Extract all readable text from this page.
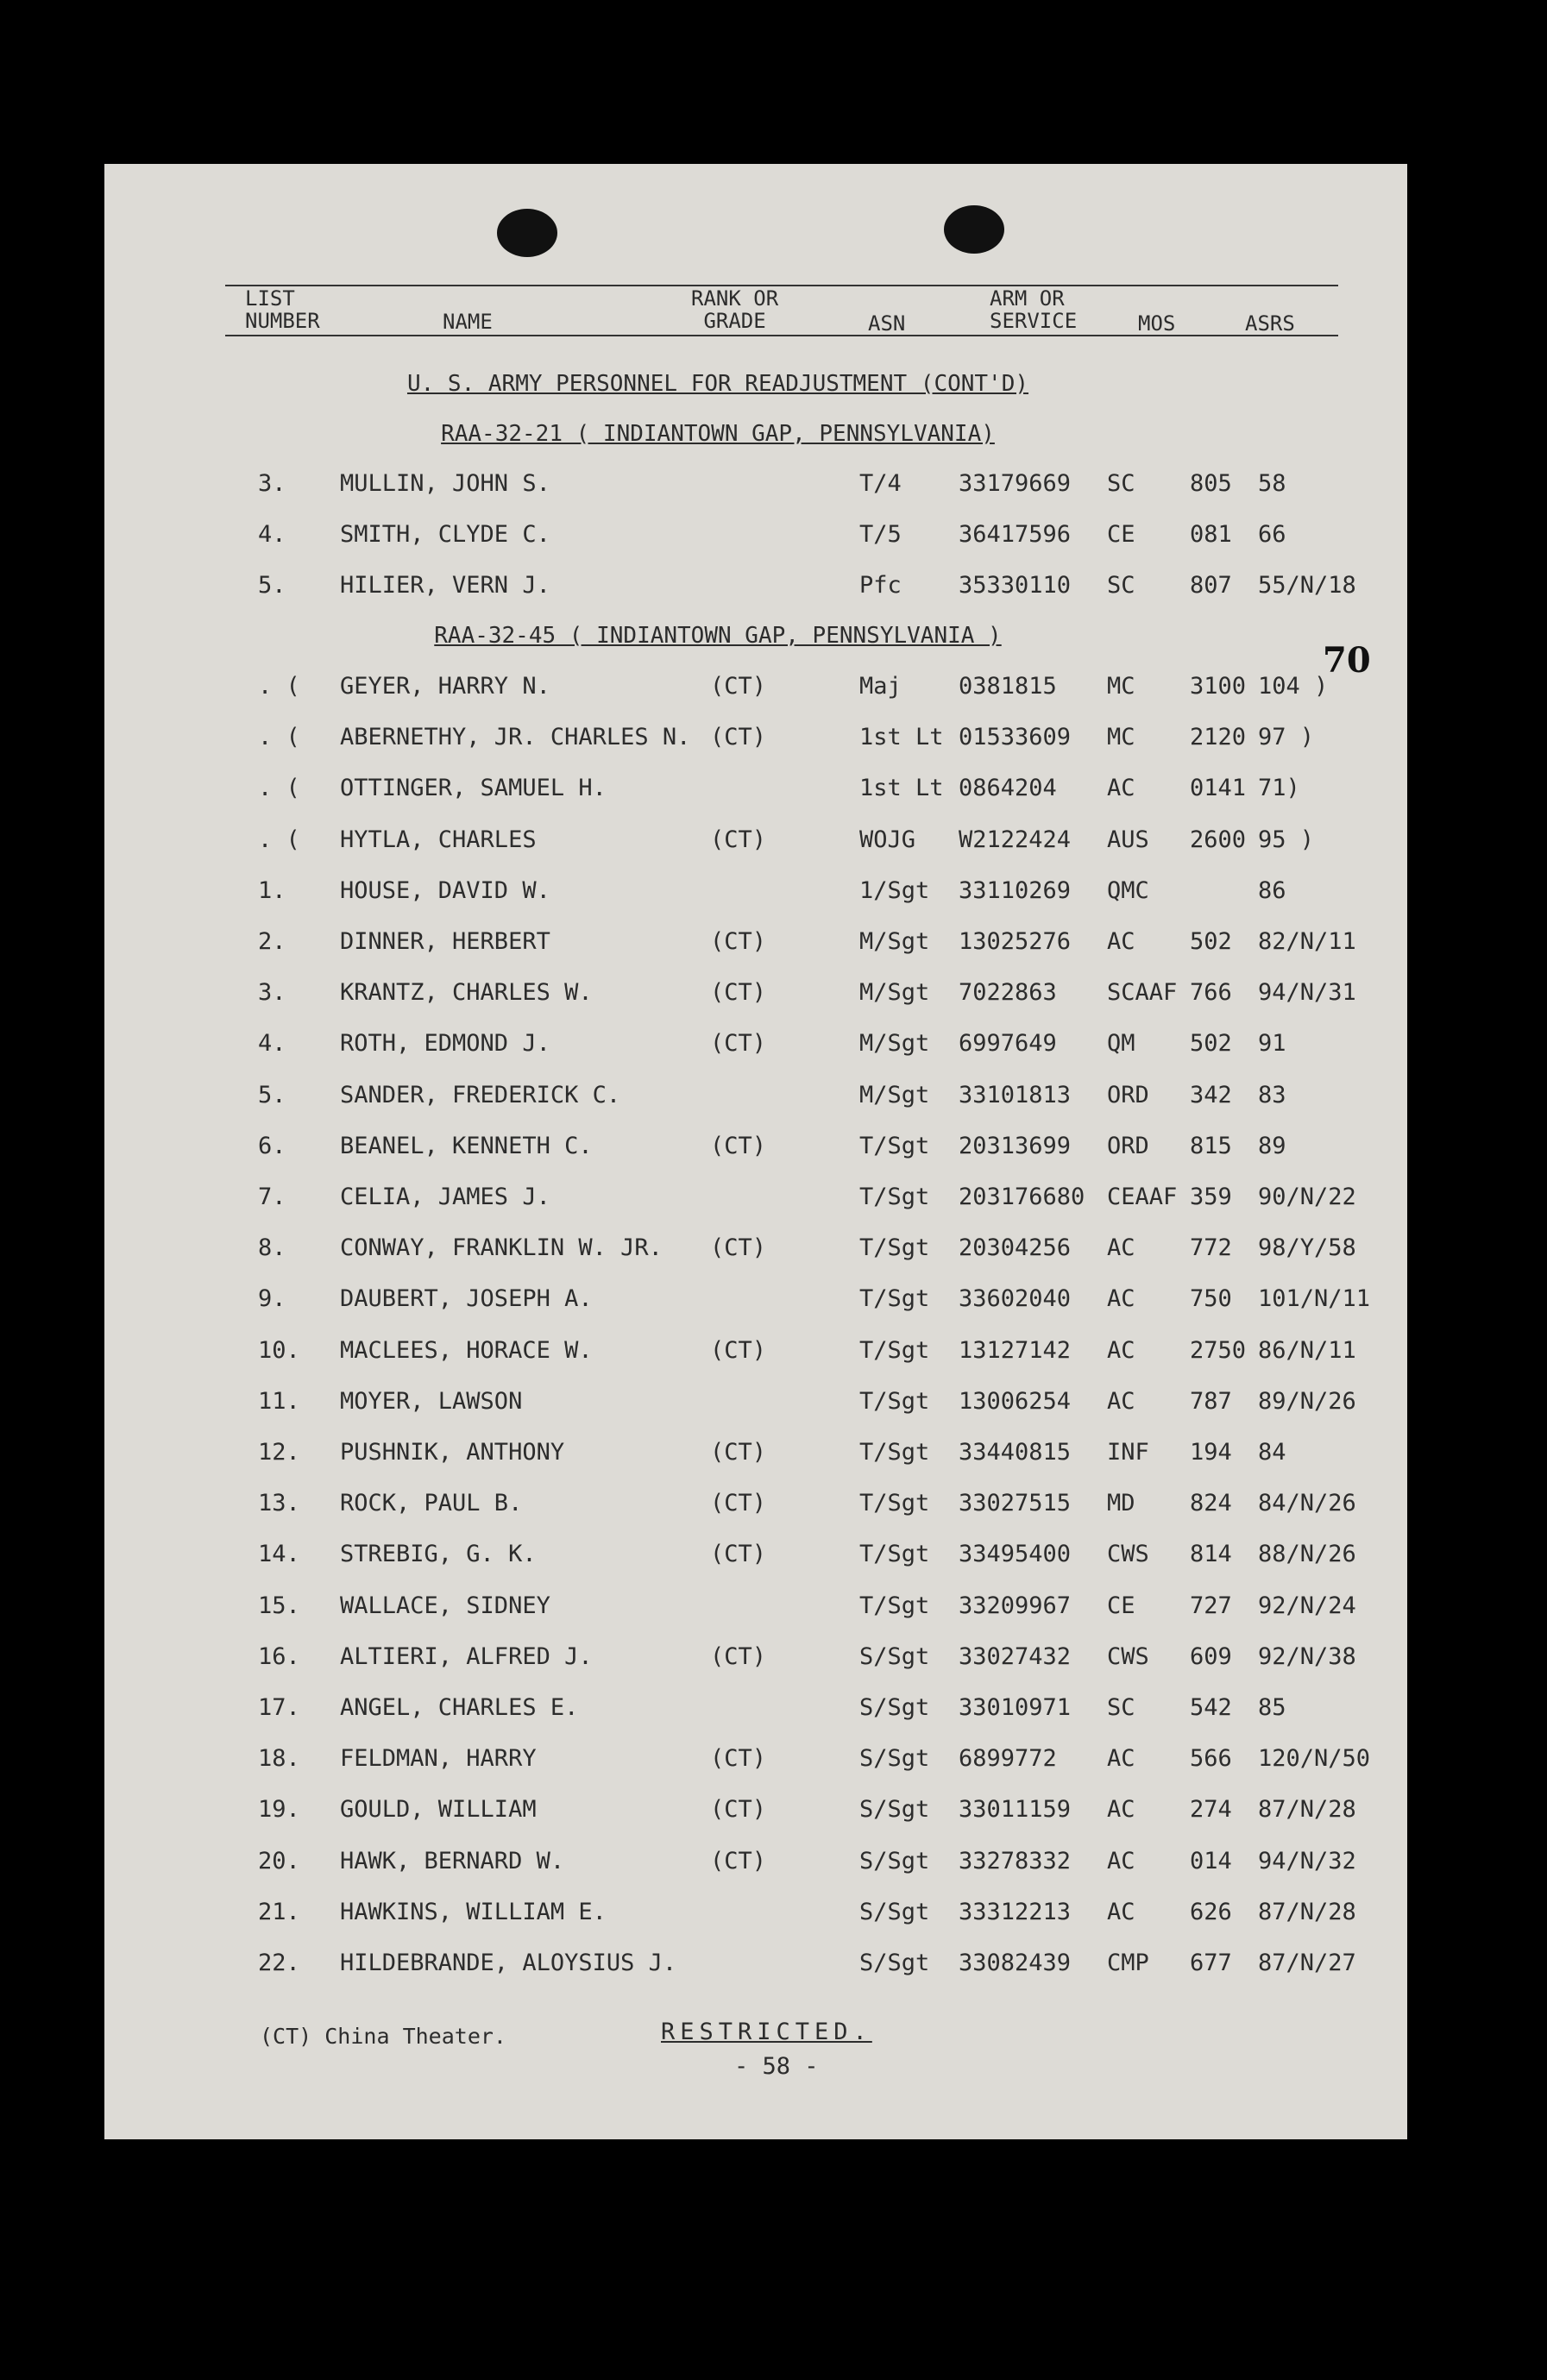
LIST
NUMBER	NAME
RANK OR
GRADE	ASN
ARM OR
SERVICE	MOS	ASRS
U. S. ARMY PERSONNEL FOR READJUSTMENT (CONT'D)
RAA-32-21 ( INDIANTOWN GAP, PENNSYLVANIA)
3. MULLIN, JOHN S.	T/4 33179669 SC 805 58
4. SMITH, CLYDE C.	T/5 36417596 CE 081 66
5. HILIER, VERN J.	Pfc 35330110 SC 807 55/N/18
RAA-32-45 ( INDIANTOWN GAP, PENNSYLVANIA )
70
. ( GEYER, HARRY N.	(CT)	Maj 0381815 MC 3100 104 )
. ( ABERNETHY, JR. CHARLES N. (CT)	1st Lt 01533609 MC 2120 97 )
. ( OTTINGER, SAMUEL H.	1st Lt 0864204 AC 0141 71)
. ( HYTLA, CHARLES	(CT)	WOJG W2122424 AUS 2600 95 )
1. HOUSE, DAVID W.	1/Sgt 33110269 QMC	86
2. DINNER, HERBERT	(CT)	M/Sgt 13025276 AC 502 82/N/11
3. KRANTZ, CHARLES W.	(CT)	M/Sgt 7022863 SCAAF 766 94/N/31
4. ROTH, EDMOND J.	(CT)	M/Sgt 6997649 QM 502 91
5. SANDER, FREDERICK C.	M/Sgt 33101813 ORD 342 83
6. BEANEL, KENNETH C.	(CT)	T/Sgt 20313699 ORD 815 89
7. CELIA, JAMES J.	T/Sgt 203176680 CEAAF 359 90/N/22
8. CONWAY, FRANKLIN W. JR. (CT)	T/Sgt 20304256 AC 772 98/Y/58
9. DAUBERT, JOSEPH A.	T/Sgt 33602040 AC 750 101/N/11
10. MACLEES, HORACE W.	(CT)	T/Sgt 13127142 AC 2750 86/N/11
11. MOYER, LAWSON	T/Sgt 13006254 AC 787 89/N/26
12. PUSHNIK, ANTHONY	(CT)	T/Sgt 33440815 INF 194 84
13. ROCK, PAUL B.	(CT)	T/Sgt 33027515 MD 824 84/N/26
14. STREBIG, G. K.	(CT)	T/Sgt 33495400 CWS 814 88/N/26
15. WALLACE, SIDNEY	T/Sgt 33209967 CE 727 92/N/24
16. ALTIERI, ALFRED J.	(CT)	S/Sgt 33027432 CWS 609 92/N/38
17. ANGEL, CHARLES E.	S/Sgt 33010971 SC 542 85
18. FELDMAN, HARRY	(CT)	S/Sgt 6899772 AC 566 120/N/50
19. GOULD, WILLIAM	(CT)	S/Sgt 33011159 AC 274 87/N/28
20. HAWK, BERNARD W.	(CT)	S/Sgt 33278332 AC 014 94/N/32
21. HAWKINS, WILLIAM E.	S/Sgt 33312213 AC 626 87/N/28
22. HILDEBRANDE, ALOYSIUS J.	S/Sgt 33082439 CMP 677 87/N/27
(CT) China Theater.	RESTRICTED.
- 58 -
